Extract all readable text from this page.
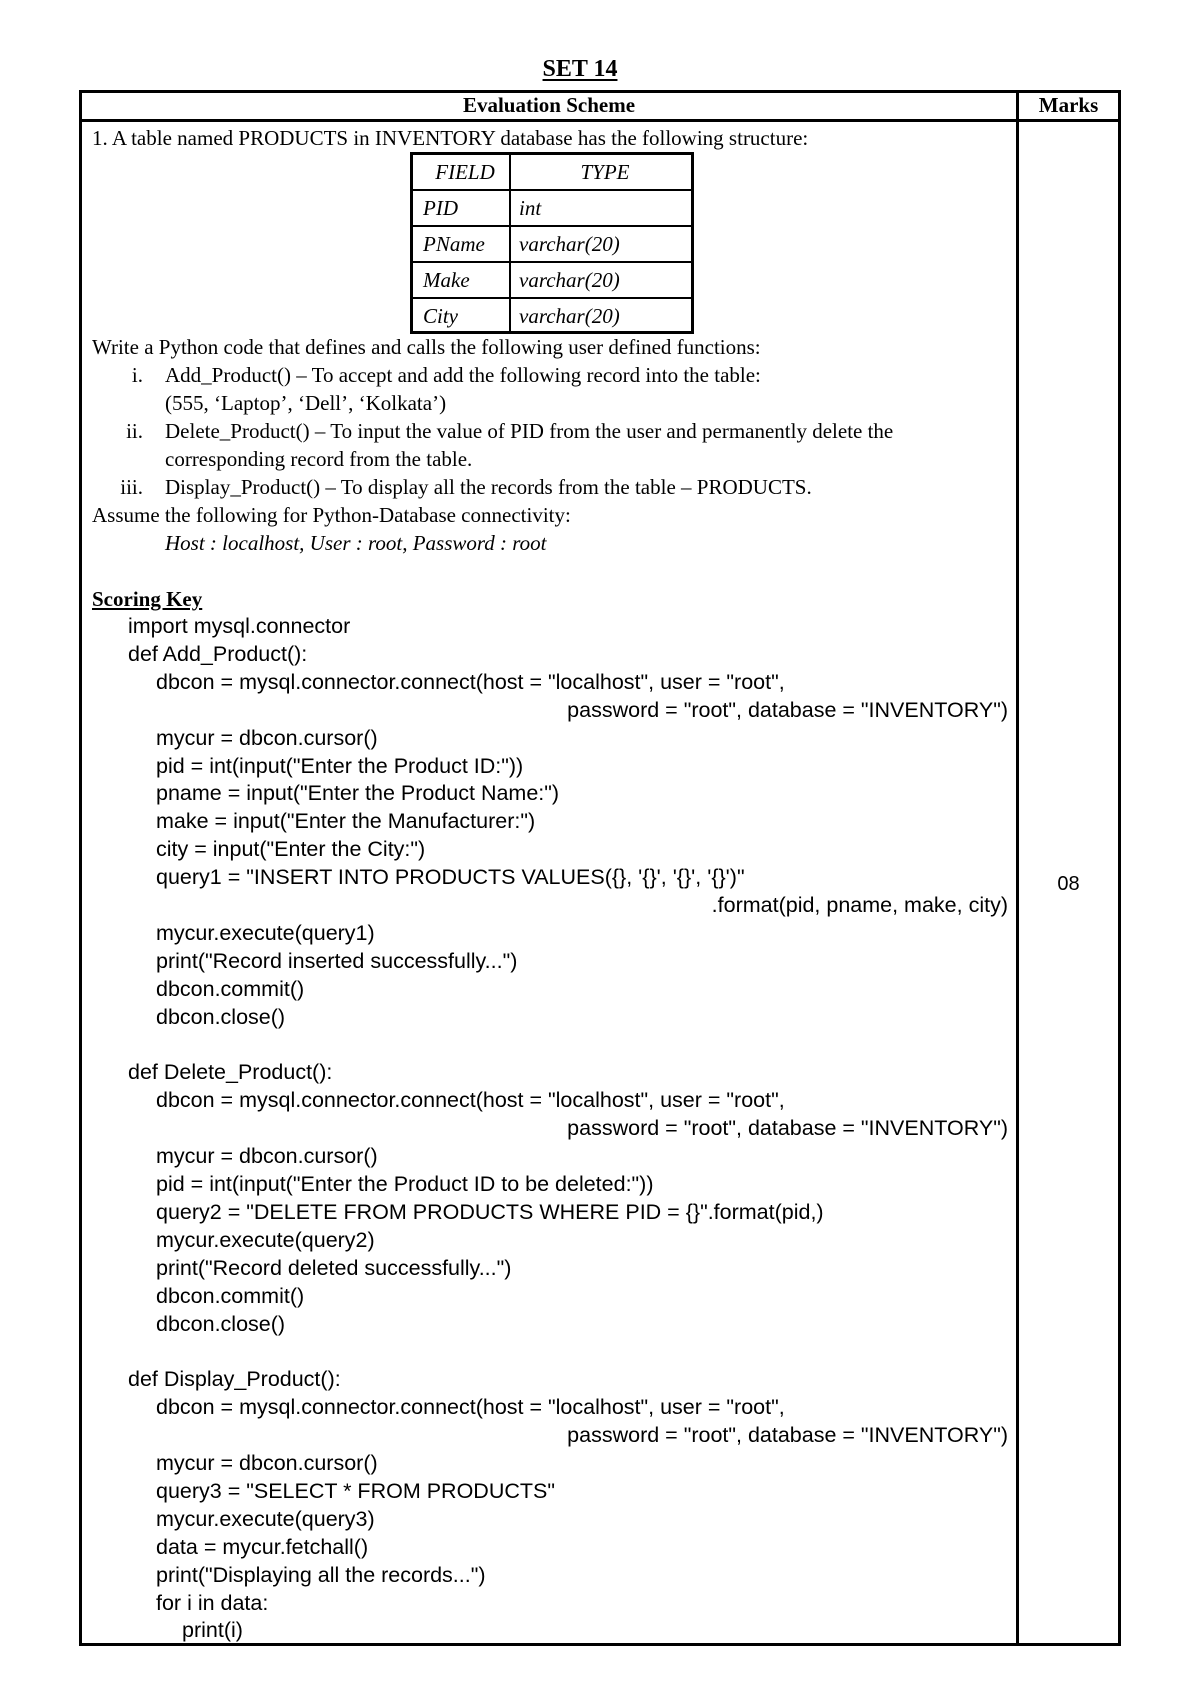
SET 14
Evaluation Scheme	Marks
1. A table named PRODUCTS in INVENTORY database has the following structure:
FIELD	TYPE
PID	int
PName	varchar(20)
Make	varchar(20)
City	varchar(20)
Write a Python code that defines and calls the following user defined functions:
i. Add_Product() – To accept and add the following record into the table:
(555, ‘Laptop’, ‘Dell’, ‘Kolkata’)
ii. Delete_Product() – To input the value of PID from the user and permanently delete the
corresponding record from the table.
iii. Display_Product() – To display all the records from the table – PRODUCTS.
Assume the following for Python-Database connectivity:
Host : localhost, User : root, Password : root
Scoring Key
import mysql.connector
def Add_Product():
dbcon = mysql.connector.connect(host = "localhost", user = "root",
password = "root", database = "INVENTORY")
mycur = dbcon.cursor()
pid = int(input("Enter the Product ID:"))
pname = input("Enter the Product Name:")
make = input("Enter the Manufacturer:")
city = input("Enter the City:")
query1 = "INSERT INTO PRODUCTS VALUES({}, '{}', '{}', '{}')"
.format(pid, pname, make, city)
mycur.execute(query1)
print("Record inserted successfully...")
dbcon.commit()
dbcon.close()
def Delete_Product():
dbcon = mysql.connector.connect(host = "localhost", user = "root",
password = "root", database = "INVENTORY")
mycur = dbcon.cursor()
pid = int(input("Enter the Product ID to be deleted:"))
query2 = "DELETE FROM PRODUCTS WHERE PID = {}".format(pid,)
mycur.execute(query2)
print("Record deleted successfully...")
dbcon.commit()
dbcon.close()
def Display_Product():
dbcon = mysql.connector.connect(host = "localhost", user = "root",
password = "root", database = "INVENTORY")
mycur = dbcon.cursor()
query3 = "SELECT * FROM PRODUCTS"
mycur.execute(query3)
data = mycur.fetchall()
print("Displaying all the records...")
for i in data:
print(i)
08
